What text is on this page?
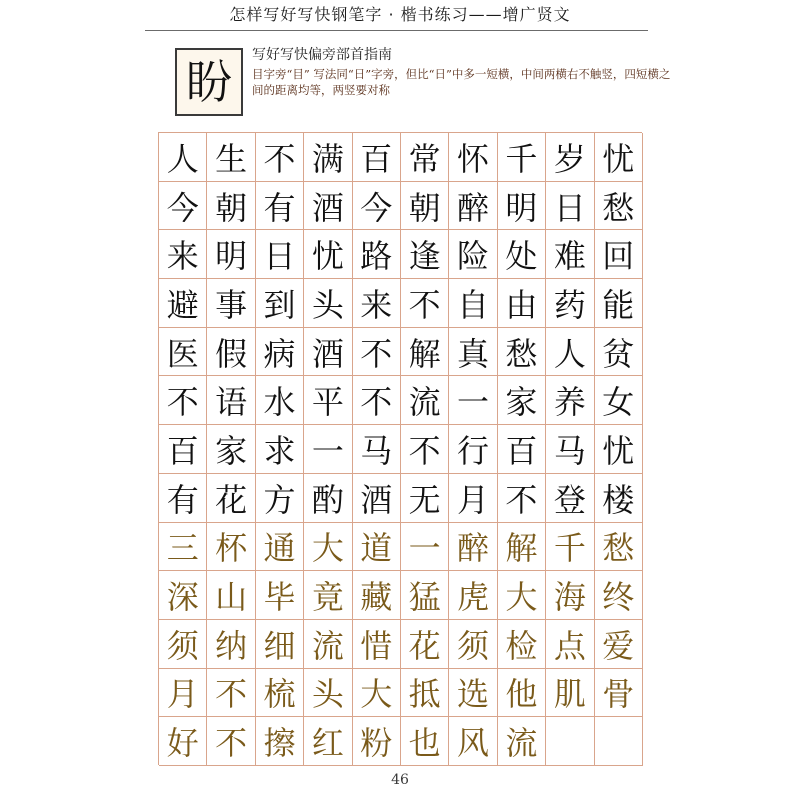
怎样写好写快钢笔字 · 楷书练习——增广贤文
盼	写好写快偏旁部首指南
目字旁“目” 写法同“日”字旁，但比“日”中多一短横，中间两横右不触竖，四短横之间的距离均等，两竖要对称
人 生 不 满 百 常 怀 千 岁 忧
今 朝 有 酒 今 朝 醉 明 日 愁
来 明 日 忧 路 逢 险 处 难 回
避 事 到 头 来 不 自 由 药 能
医 假 病 酒 不 解 真 愁 人 贫
不 语 水 平 不 流 一 家 养 女
百 家 求 一 马 不 行 百 马 忧
有 花 方 酌 酒 无 月 不 登 楼
三 杯 通 大 道 一 醉 解 千 愁
深 山 毕 竟 藏 猛 虎 大 海 终
须 纳 细 流 惜 花 须 检 点 爱
月 不 梳 头 大 抵 选 他 肌 骨
好 不 擦 红 粉 也 风 流
46
